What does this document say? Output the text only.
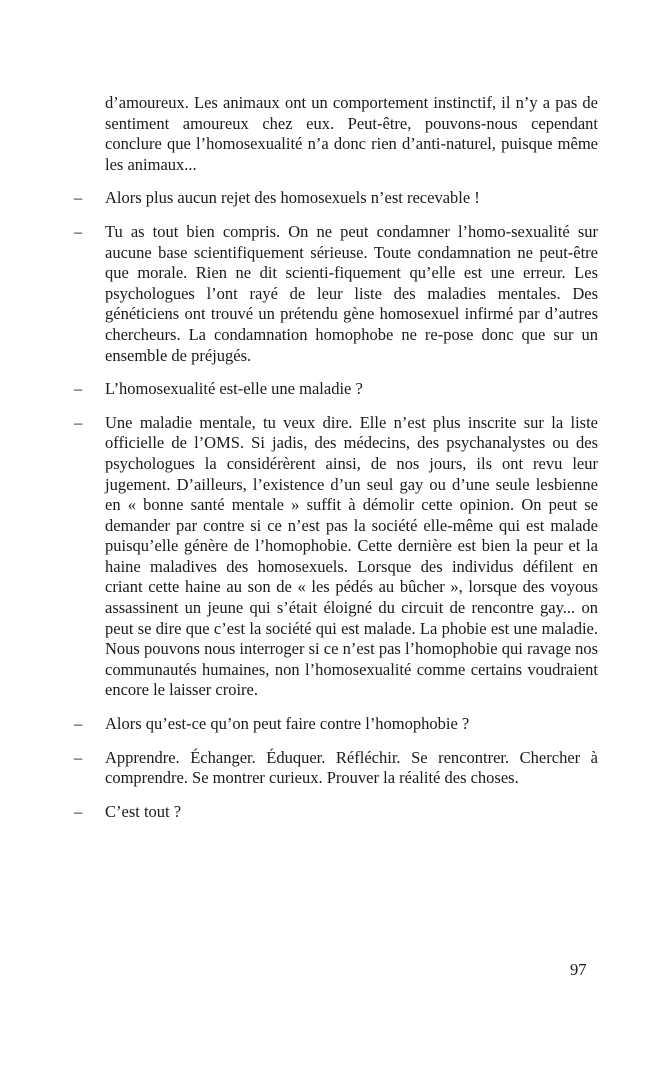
d’amoureux. Les animaux ont un comportement instinctif, il n’y a pas de sentiment amoureux chez eux. Peut-être, pouvons-nous cependant conclure que l’homosexualité n’a donc rien d’anti-naturel, puisque même les animaux...

– Alors plus aucun rejet des homosexuels n’est recevable !

– Tu as tout bien compris. On ne peut condamner l’homo-sexualité sur aucune base scientifiquement sérieuse. Toute condamnation ne peut-être que morale. Rien ne dit scienti-fiquement qu’elle est une erreur. Les psychologues l’ont rayé de leur liste des maladies mentales. Des généticiens ont trouvé un prétendu gène homosexuel infirmé par d’autres chercheurs. La condamnation homophobe ne re-pose donc que sur un ensemble de préjugés.

– L’homosexualité est-elle une maladie ?

– Une maladie mentale, tu veux dire. Elle n’est plus inscrite sur la liste officielle de l’OMS. Si jadis, des médecins, des psychanalystes ou des psychologues la considérèrent ainsi, de nos jours, ils ont revu leur jugement. D’ailleurs, l’existence d’un seul gay ou d’une seule lesbienne en « bonne santé mentale » suffit à démolir cette opinion. On peut se demander par contre si ce n’est pas la société elle-même qui est malade puisqu’elle génère de l’homophobie. Cette dernière est bien la peur et la haine maladives des homosexuels. Lorsque des individus défilent en criant cette haine au son de « les pédés au bûcher », lorsque des voyous assassinent un jeune qui s’était éloigné du circuit de rencontre gay... on peut se dire que c’est la société qui est malade. La phobie est une maladie. Nous pouvons nous interroger si ce n’est pas l’homophobie qui ravage nos communautés humaines, non l’homosexualité comme certains voudraient encore le laisser croire.

– Alors qu’est-ce qu’on peut faire contre l’homophobie ?

– Apprendre. Échanger. Éduquer. Réfléchir. Se rencontrer. Chercher à comprendre. Se montrer curieux. Prouver la réalité des choses.

– C’est tout ?

97
